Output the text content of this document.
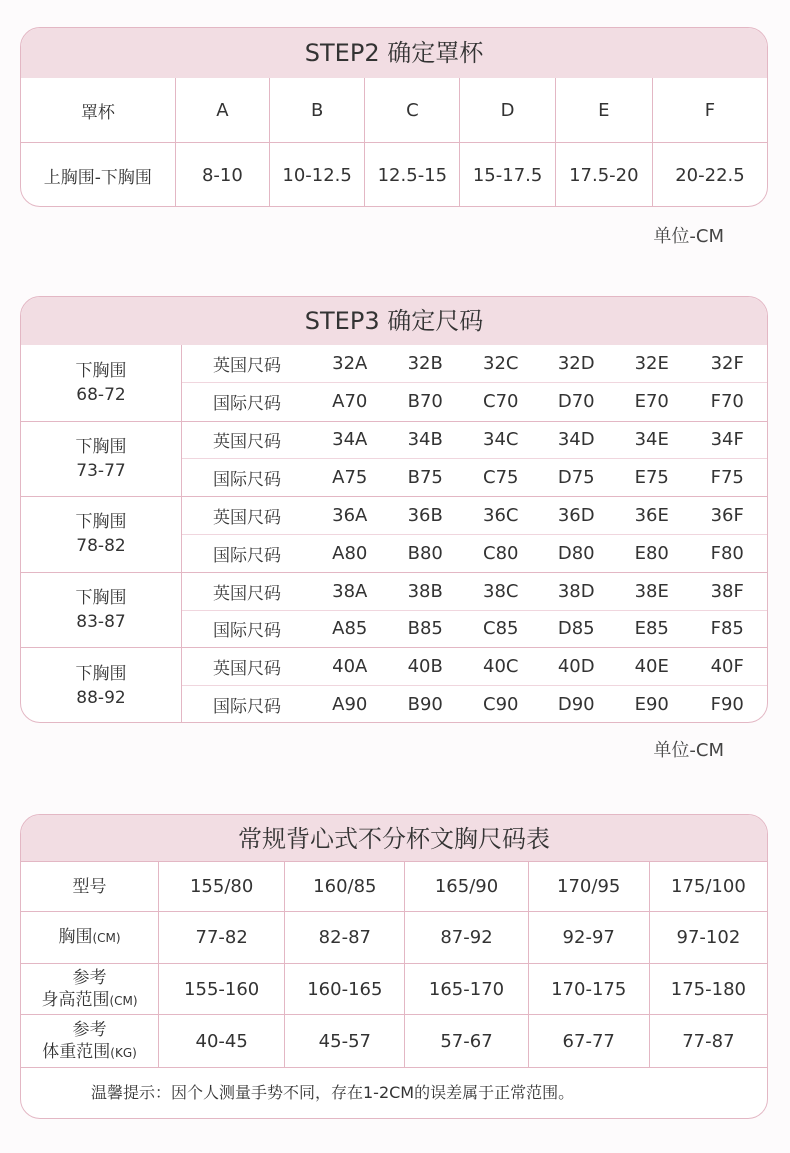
STEP2 确定罩杯
罩杯	A	B	C	D	E	F
上胸围-下胸围	8-10	10-12.5	12.5-15	15-17.5	17.5-20	20-22.5
单位-CM
STEP3 确定尺码
下胸围
68-72
英国尺码	32A	32B	32C	32D	32E	32F
国际尺码	A70	B70	C70	D70	E70	F70
下胸围
73-77
英国尺码	34A	34B	34C	34D	34E	34F
国际尺码	A75	B75	C75	D75	E75	F75
下胸围
78-82
英国尺码	36A	36B	36C	36D	36E	36F
国际尺码	A80	B80	C80	D80	E80	F80
下胸围
83-87
英国尺码	38A	38B	38C	38D	38E	38F
国际尺码	A85	B85	C85	D85	E85	F85
下胸围
88-92
英国尺码	40A	40B	40C	40D	40E	40F
国际尺码	A90	B90	C90	D90	E90	F90
单位-CM
常规背心式不分杯文胸尺码表
型号	155/80	160/85	165/90	170/95	175/100
胸围(CM)	77-82	82-87	87-92	92-97	97-102
参考
身高范围(CM)
155-160	160-165	165-170	170-175	175-180
参考
体重范围(KG)
40-45	45-57	57-67	67-77	77-87
温馨提示：因个人测量手势不同，存在1-2CM的误差属于正常范围。
